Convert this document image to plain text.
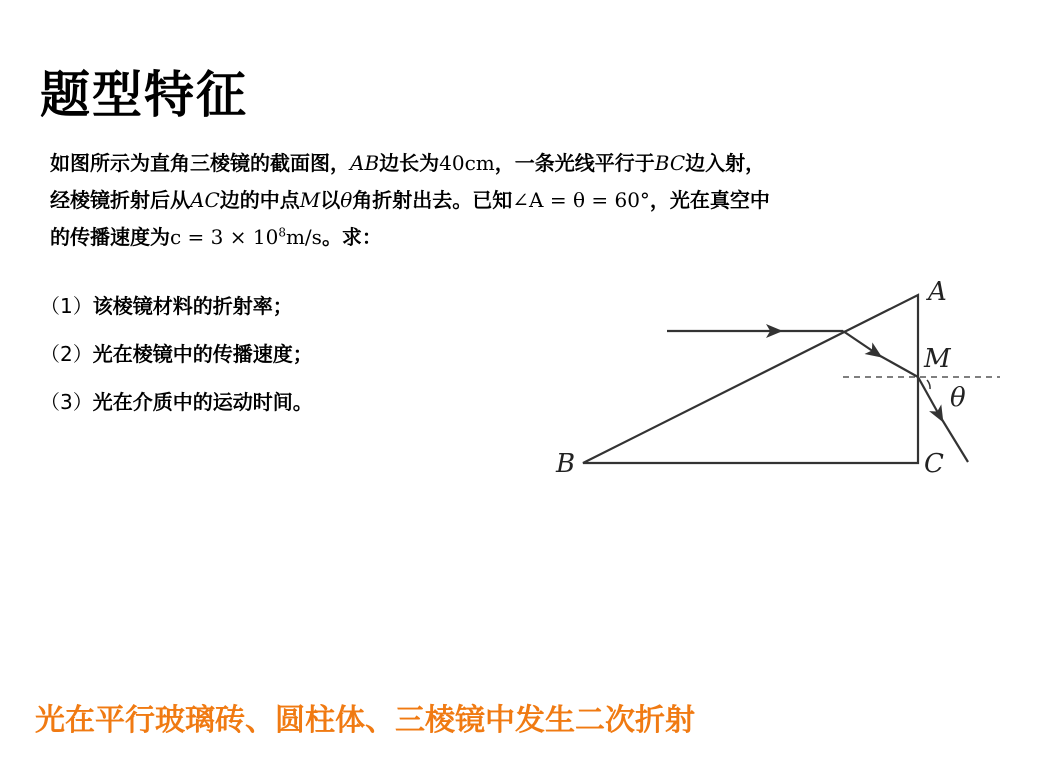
题型特征

如图所示为直角三棱镜的截面图，AB边长为40cm，一条光线平行于BC边入射，

经棱镜折射后从AC边的中点M以θ角折射出去。已知∠A = θ = 60°，光在真空中

的传播速度为$c = 3 \times 10^8m/s$。求：

（1）该棱镜材料的折射率；

（2）光在棱镜中的传播速度；

（3）光在介质中的运动时间。

A
B	C
M
θ
光在平行玻璃砖、圆柱体、三棱镜中发生二次折射
